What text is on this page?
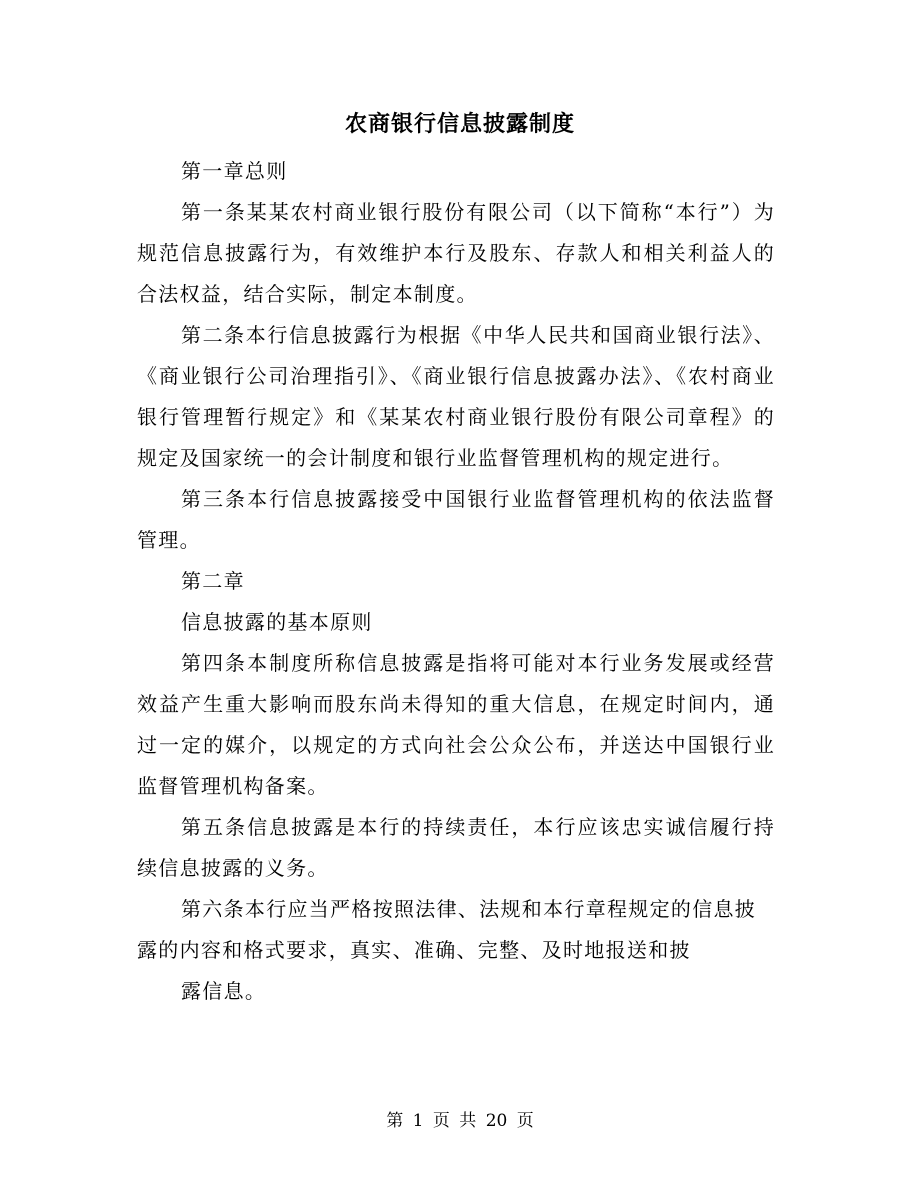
农商银行信息披露制度

第一章总则

第一条某某农村商业银行股份有限公司（以下简称“本行”）为规范信息披露行为，有效维护本行及股东、存款人和相关利益人的合法权益，结合实际，制定本制度。

第二条本行信息披露行为根据《中华人民共和国商业银行法》、《商业银行公司治理指引》、《商业银行信息披露办法》、《农村商业银行管理暂行规定》和《某某农村商业银行股份有限公司章程》的规定及国家统一的会计制度和银行业监督管理机构的规定进行。

第三条本行信息披露接受中国银行业监督管理机构的依法监督管理。

第二章

信息披露的基本原则

第四条本制度所称信息披露是指将可能对本行业务发展或经营效益产生重大影响而股东尚未得知的重大信息，在规定时间内，通过一定的媒介，以规定的方式向社会公众公布，并送达中国银行业监督管理机构备案。

第五条信息披露是本行的持续责任，本行应该忠实诚信履行持续信息披露的义务。

第六条本行应当严格按照法律、法规和本行章程规定的信息披露的内容和格式要求，真实、准确、完整、及时地报送和披

露信息。

第 1 页 共 20 页
